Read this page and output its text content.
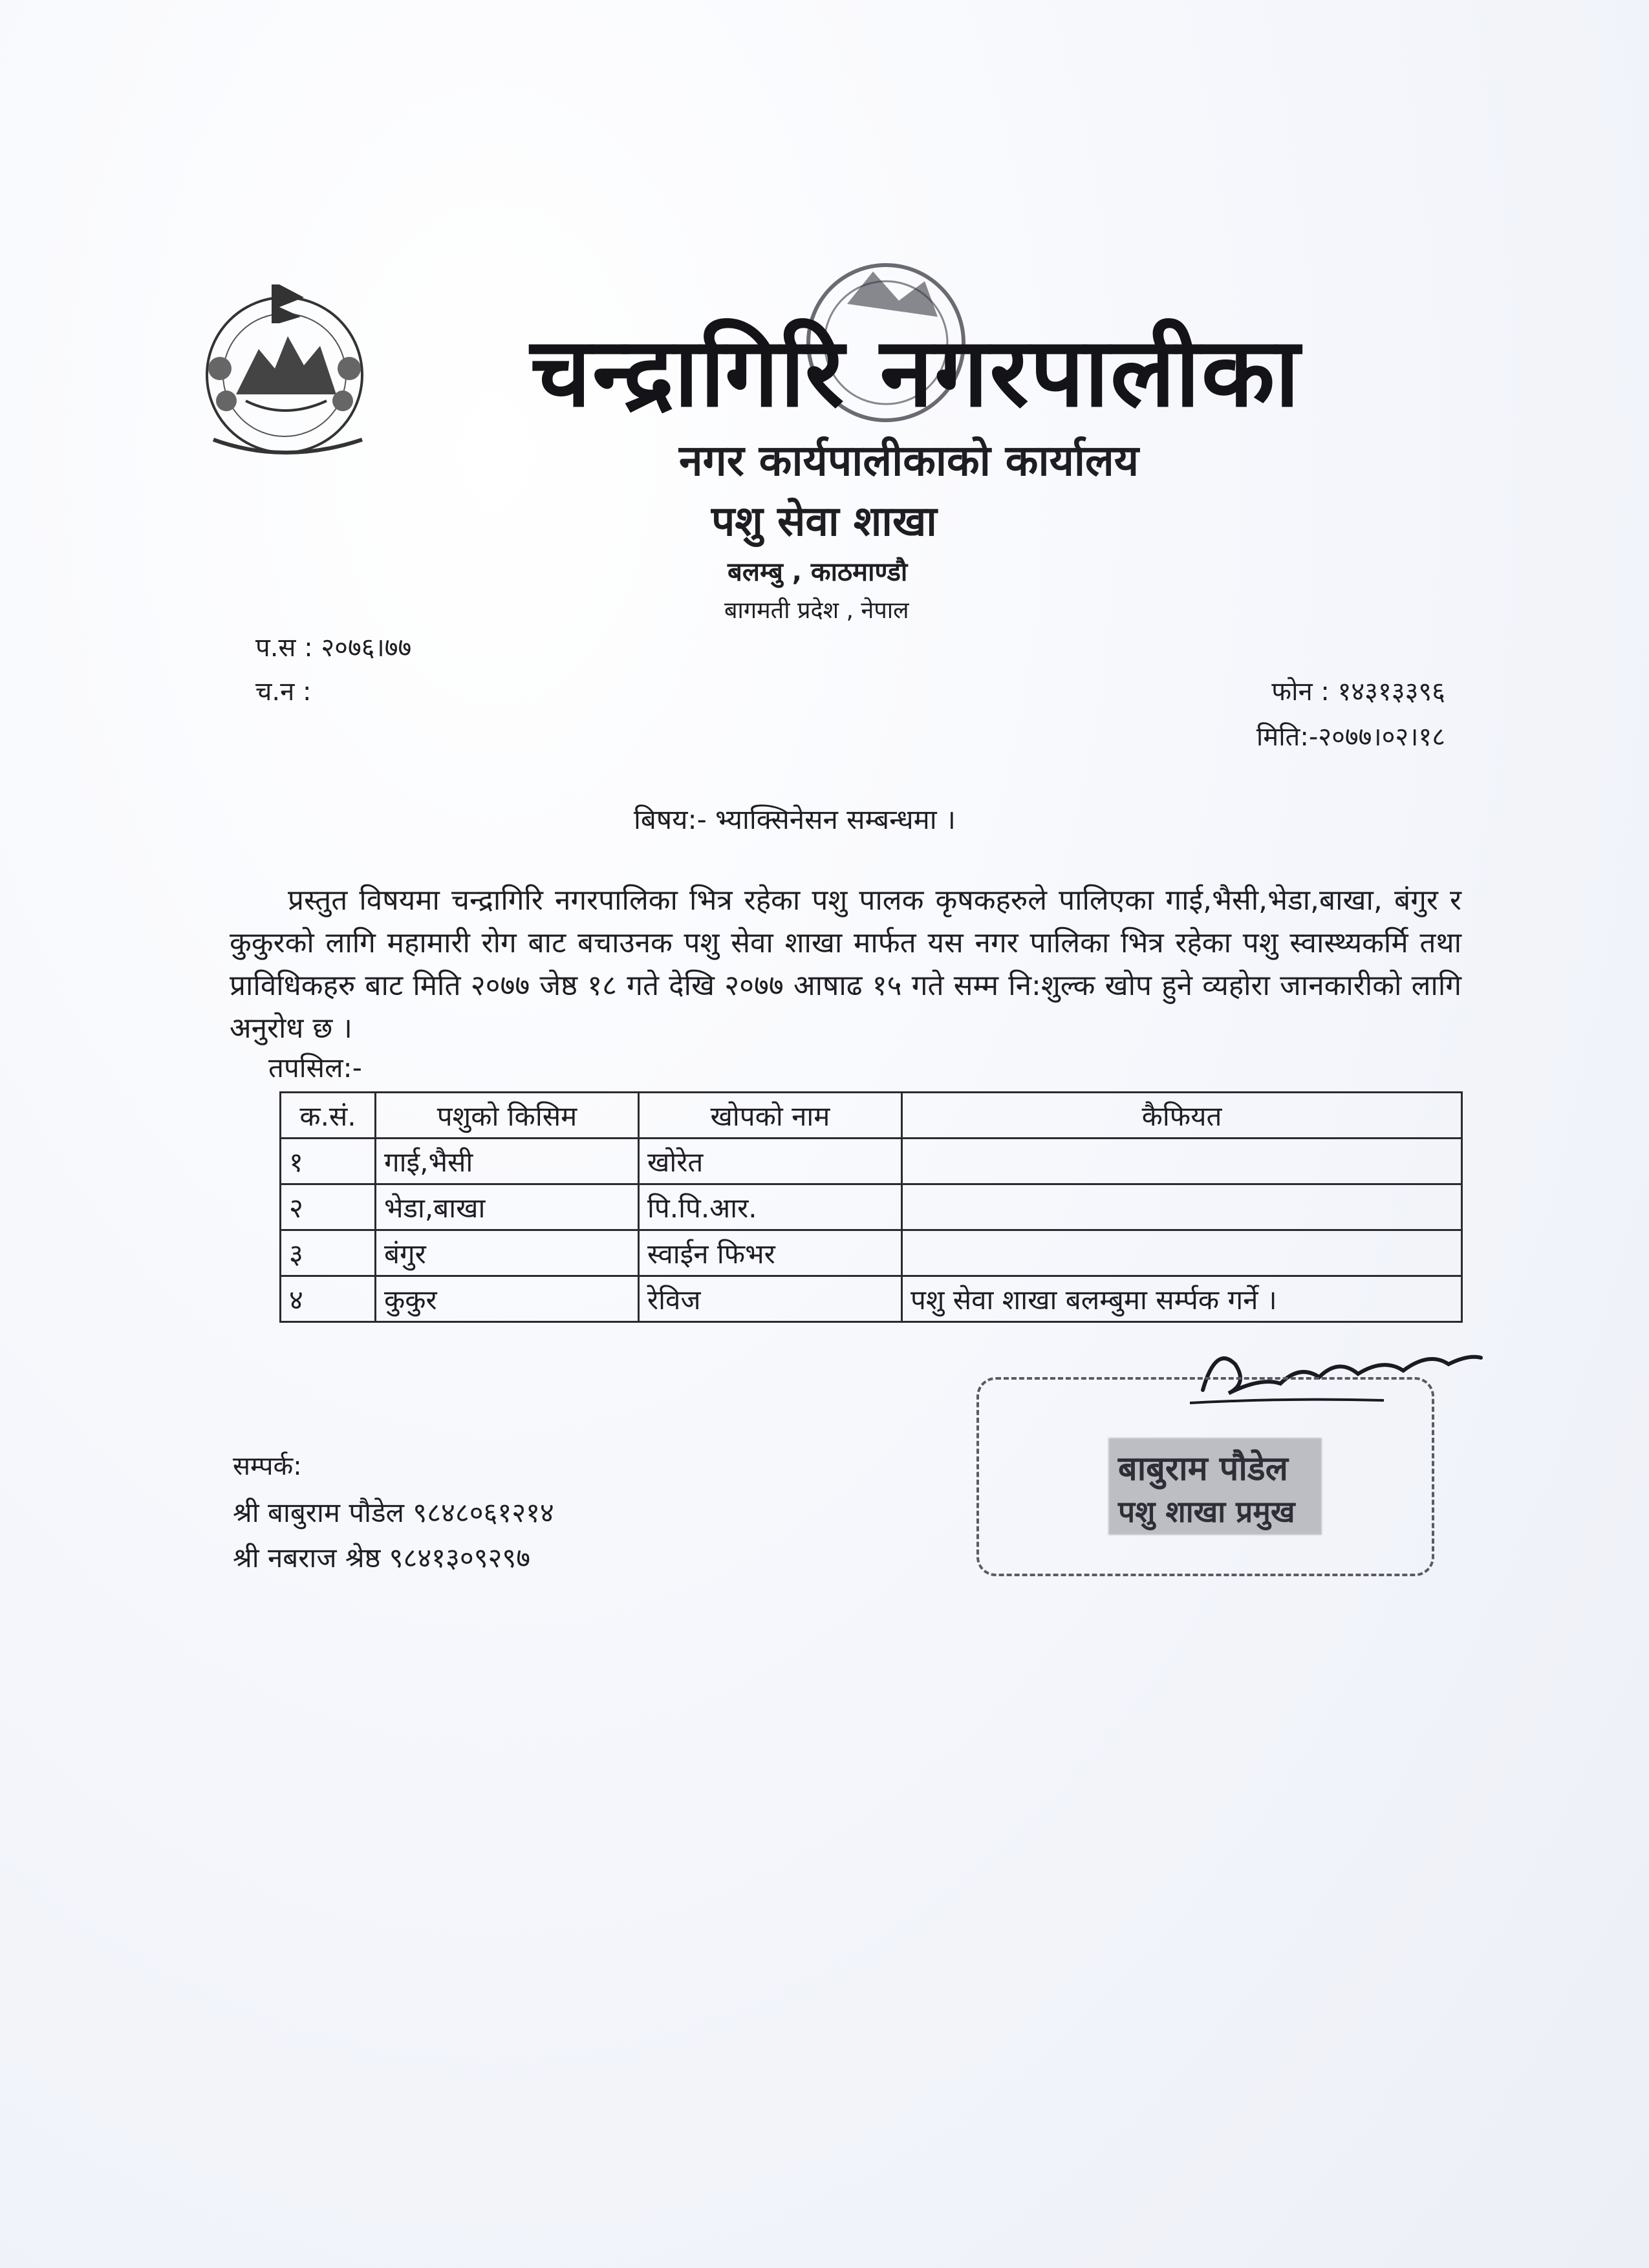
चन्द्रागिरि नगरपालीका
नगर कार्यपालीकाको कार्यालय
पशु सेवा शाखा
बलम्बु , काठमाण्डौ
बागमती प्रदेश , नेपाल
प.स : २०७६।७७
च.न :	फोन : १४३१३३९६
मिति:-२०७७।०२।१८
बिषय:- भ्याक्सिनेसन सम्बन्धमा ।
प्रस्तुत विषयमा चन्द्रागिरि नगरपालिका भित्र रहेका पशु पालक कृषकहरुले पालिएका गाई,भैसी,भेडा,बाखा, बंगुर र कुकुरको लागि महामारी रोग बाट बचाउनक पशु सेवा शाखा मार्फत यस नगर पालिका भित्र रहेका पशु स्वास्थ्यकर्मि तथा प्राविधिकहरु बाट मिति २०७७ जेष्ठ १८ गते देखि २०७७ आषाढ १५ गते सम्म नि:शुल्क खोप हुने व्यहोरा जानकारीको लागि अनुरोध छ ।
तपसिल:-
क.सं.	पशुको किसिम	खोपको नाम	कैफियत
१	गाई,भैसी	खोरेत	
२	भेडा,बाखा	पि.पि.आर.	
३	बंगुर	स्वाईन फिभर	
४	कुकुर	रेविज	पशु सेवा शाखा बलम्बुमा सर्म्पक गर्ने ।
बाबुराम पौडेल
पशु शाखा प्रमुख
सम्पर्क:
श्री बाबुराम पौडेल ९८४८०६१२१४
श्री नबराज श्रेष्ठ ९८४१३०९२९७
